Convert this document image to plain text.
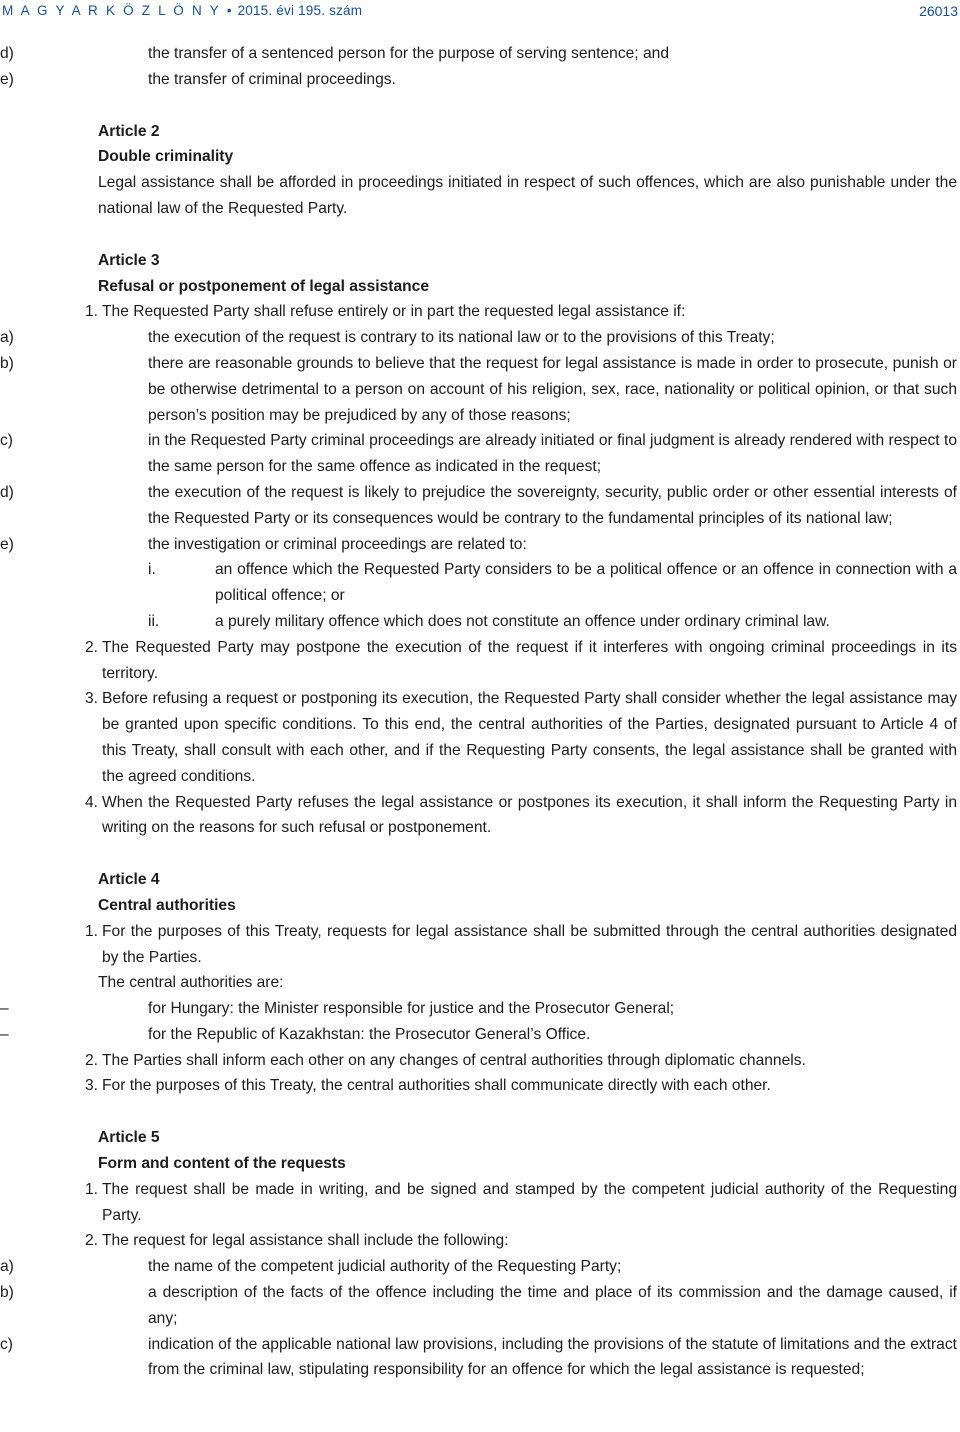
M A G Y A R K Ö Z L Ö N Y • 2015. évi 195. szám	26013
d)	the transfer of a sentenced person for the purpose of serving sentence; and
e)	the transfer of criminal proceedings.
Article 2
Double criminality
Legal assistance shall be afforded in proceedings initiated in respect of such offences, which are also punishable under the national law of the Requested Party.
Article 3
Refusal or postponement of legal assistance
1. The Requested Party shall refuse entirely or in part the requested legal assistance if:
a)	the execution of the request is contrary to its national law or to the provisions of this Treaty;
b)	there are reasonable grounds to believe that the request for legal assistance is made in order to prosecute, punish or be otherwise detrimental to a person on account of his religion, sex, race, nationality or political opinion, or that such person’s position may be prejudiced by any of those reasons;
c)	in the Requested Party criminal proceedings are already initiated or final judgment is already rendered with respect to the same person for the same offence as indicated in the request;
d)	the execution of the request is likely to prejudice the sovereignty, security, public order or other essential interests of the Requested Party or its consequences would be contrary to the fundamental principles of its national law;
e)	the investigation or criminal proceedings are related to:
i.	an offence which the Requested Party considers to be a political offence or an offence in connection with a political offence; or
ii.	a purely military offence which does not constitute an offence under ordinary criminal law.
2. The Requested Party may postpone the execution of the request if it interferes with ongoing criminal proceedings in its territory.
3. Before refusing a request or postponing its execution, the Requested Party shall consider whether the legal assistance may be granted upon specific conditions. To this end, the central authorities of the Parties, designated pursuant to Article 4 of this Treaty, shall consult with each other, and if the Requesting Party consents, the legal assistance shall be granted with the agreed conditions.
4. When the Requested Party refuses the legal assistance or postpones its execution, it shall inform the Requesting Party in writing on the reasons for such refusal or postponement.
Article 4
Central authorities
1. For the purposes of this Treaty, requests for legal assistance shall be submitted through the central authorities designated by the Parties.
The central authorities are:
–	for Hungary: the Minister responsible for justice and the Prosecutor General;
–	for the Republic of Kazakhstan: the Prosecutor General’s Office.
2. The Parties shall inform each other on any changes of central authorities through diplomatic channels.
3. For the purposes of this Treaty, the central authorities shall communicate directly with each other.
Article 5
Form and content of the requests
1. The request shall be made in writing, and be signed and stamped by the competent judicial authority of the Requesting Party.
2. The request for legal assistance shall include the following:
a)	the name of the competent judicial authority of the Requesting Party;
b)	a description of the facts of the offence including the time and place of its commission and the damage caused, if any;
c)	indication of the applicable national law provisions, including the provisions of the statute of limitations and the extract from the criminal law, stipulating responsibility for an offence for which the legal assistance is requested;
